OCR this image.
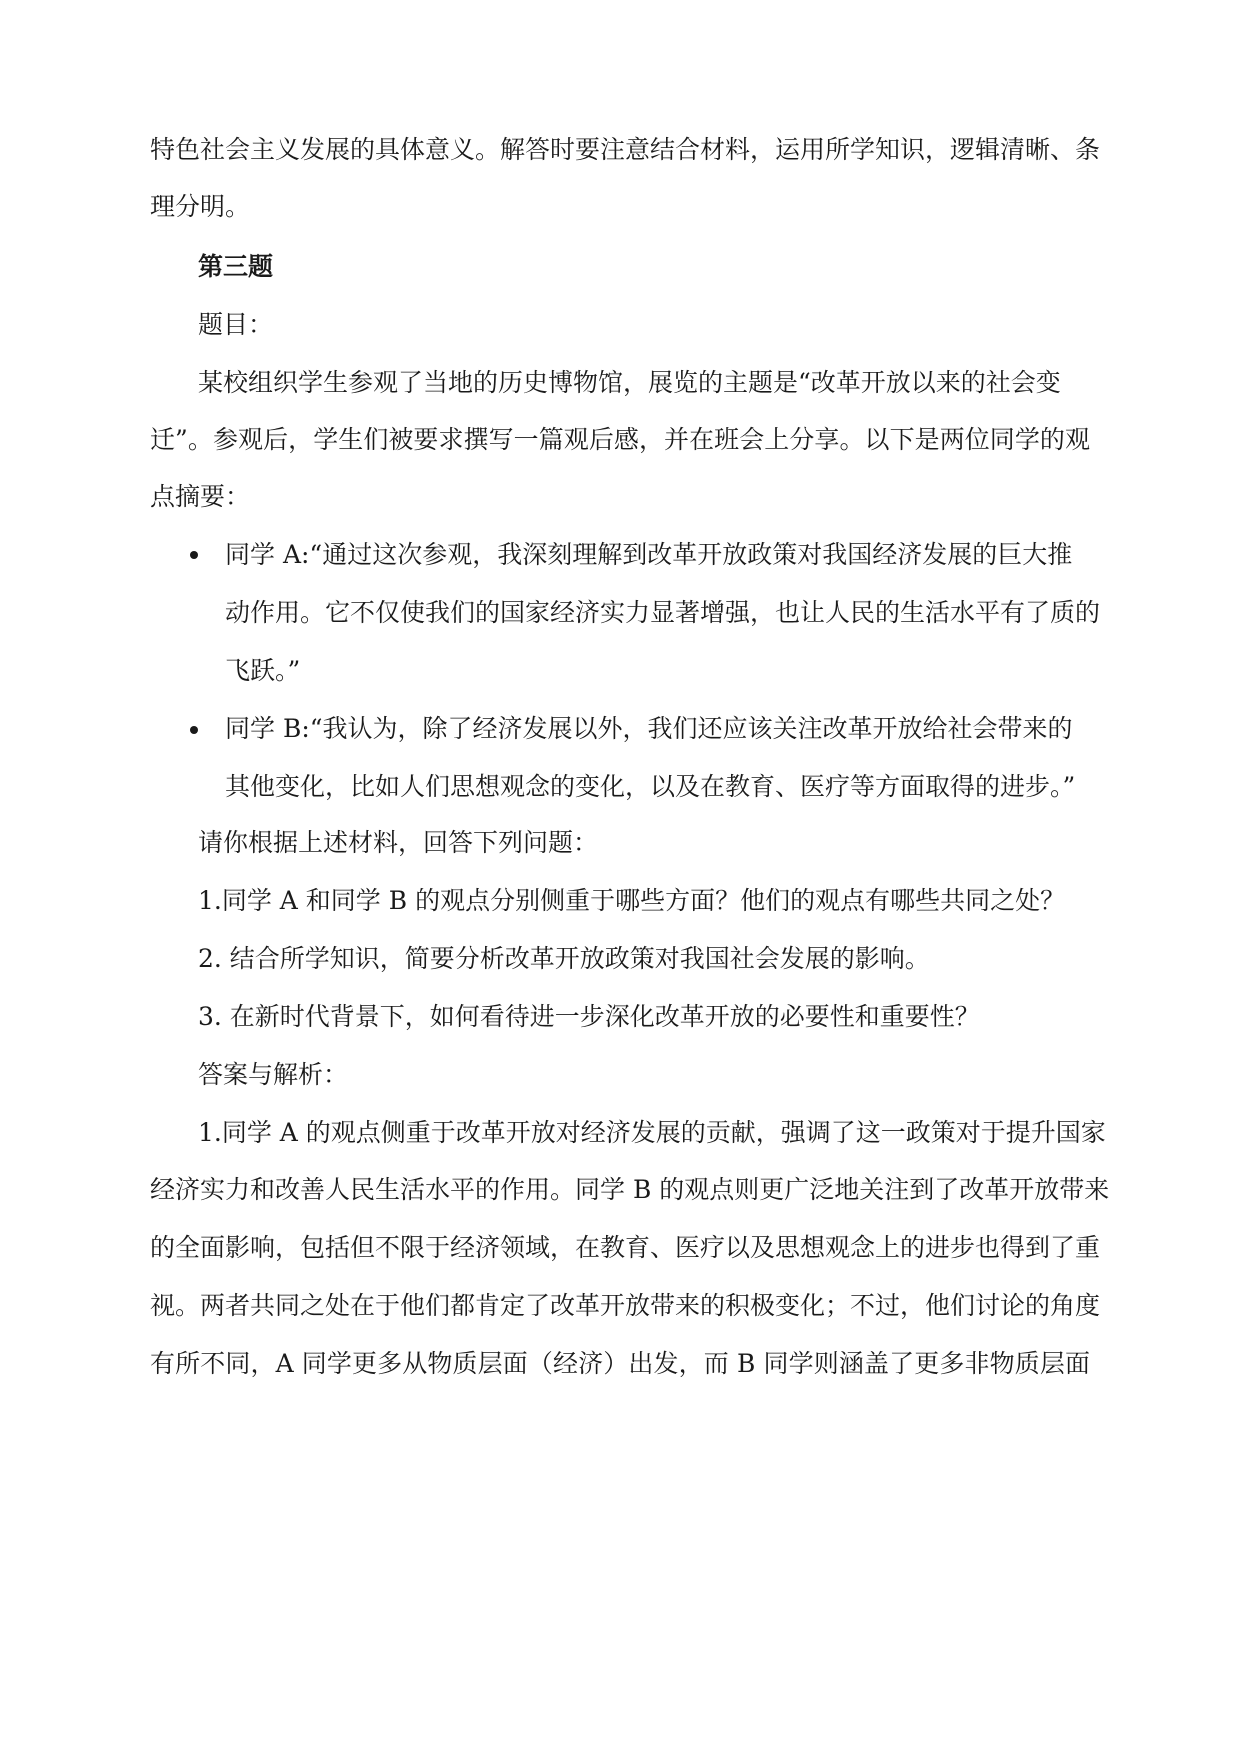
特色社会主义发展的具体意义。解答时要注意结合材料，运用所学知识，逻辑清晰、条
理分明。
第三题
题目：
某校组织学生参观了当地的历史博物馆，展览的主题是“改革开放以来的社会变
迁”。参观后，学生们被要求撰写一篇观后感，并在班会上分享。以下是两位同学的观
点摘要：
同学 A:“通过这次参观，我深刻理解到改革开放政策对我国经济发展的巨大推
动作用。它不仅使我们的国家经济实力显著增强，也让人民的生活水平有了质的
飞跃。”
同学 B:“我认为，除了经济发展以外，我们还应该关注改革开放给社会带来的
其他变化，比如人们思想观念的变化，以及在教育、医疗等方面取得的进步。”
请你根据上述材料，回答下列问题：
1.同学 A 和同学 B 的观点分别侧重于哪些方面？他们的观点有哪些共同之处？
2. 结合所学知识，简要分析改革开放政策对我国社会发展的影响。
3. 在新时代背景下，如何看待进一步深化改革开放的必要性和重要性？
答案与解析：
1.同学 A 的观点侧重于改革开放对经济发展的贡献，强调了这一政策对于提升国家
经济实力和改善人民生活水平的作用。同学 B 的观点则更广泛地关注到了改革开放带来
的全面影响，包括但不限于经济领域，在教育、医疗以及思想观念上的进步也得到了重
视。两者共同之处在于他们都肯定了改革开放带来的积极变化；不过，他们讨论的角度
有所不同，A 同学更多从物质层面（经济）出发，而 B 同学则涵盖了更多非物质层面
